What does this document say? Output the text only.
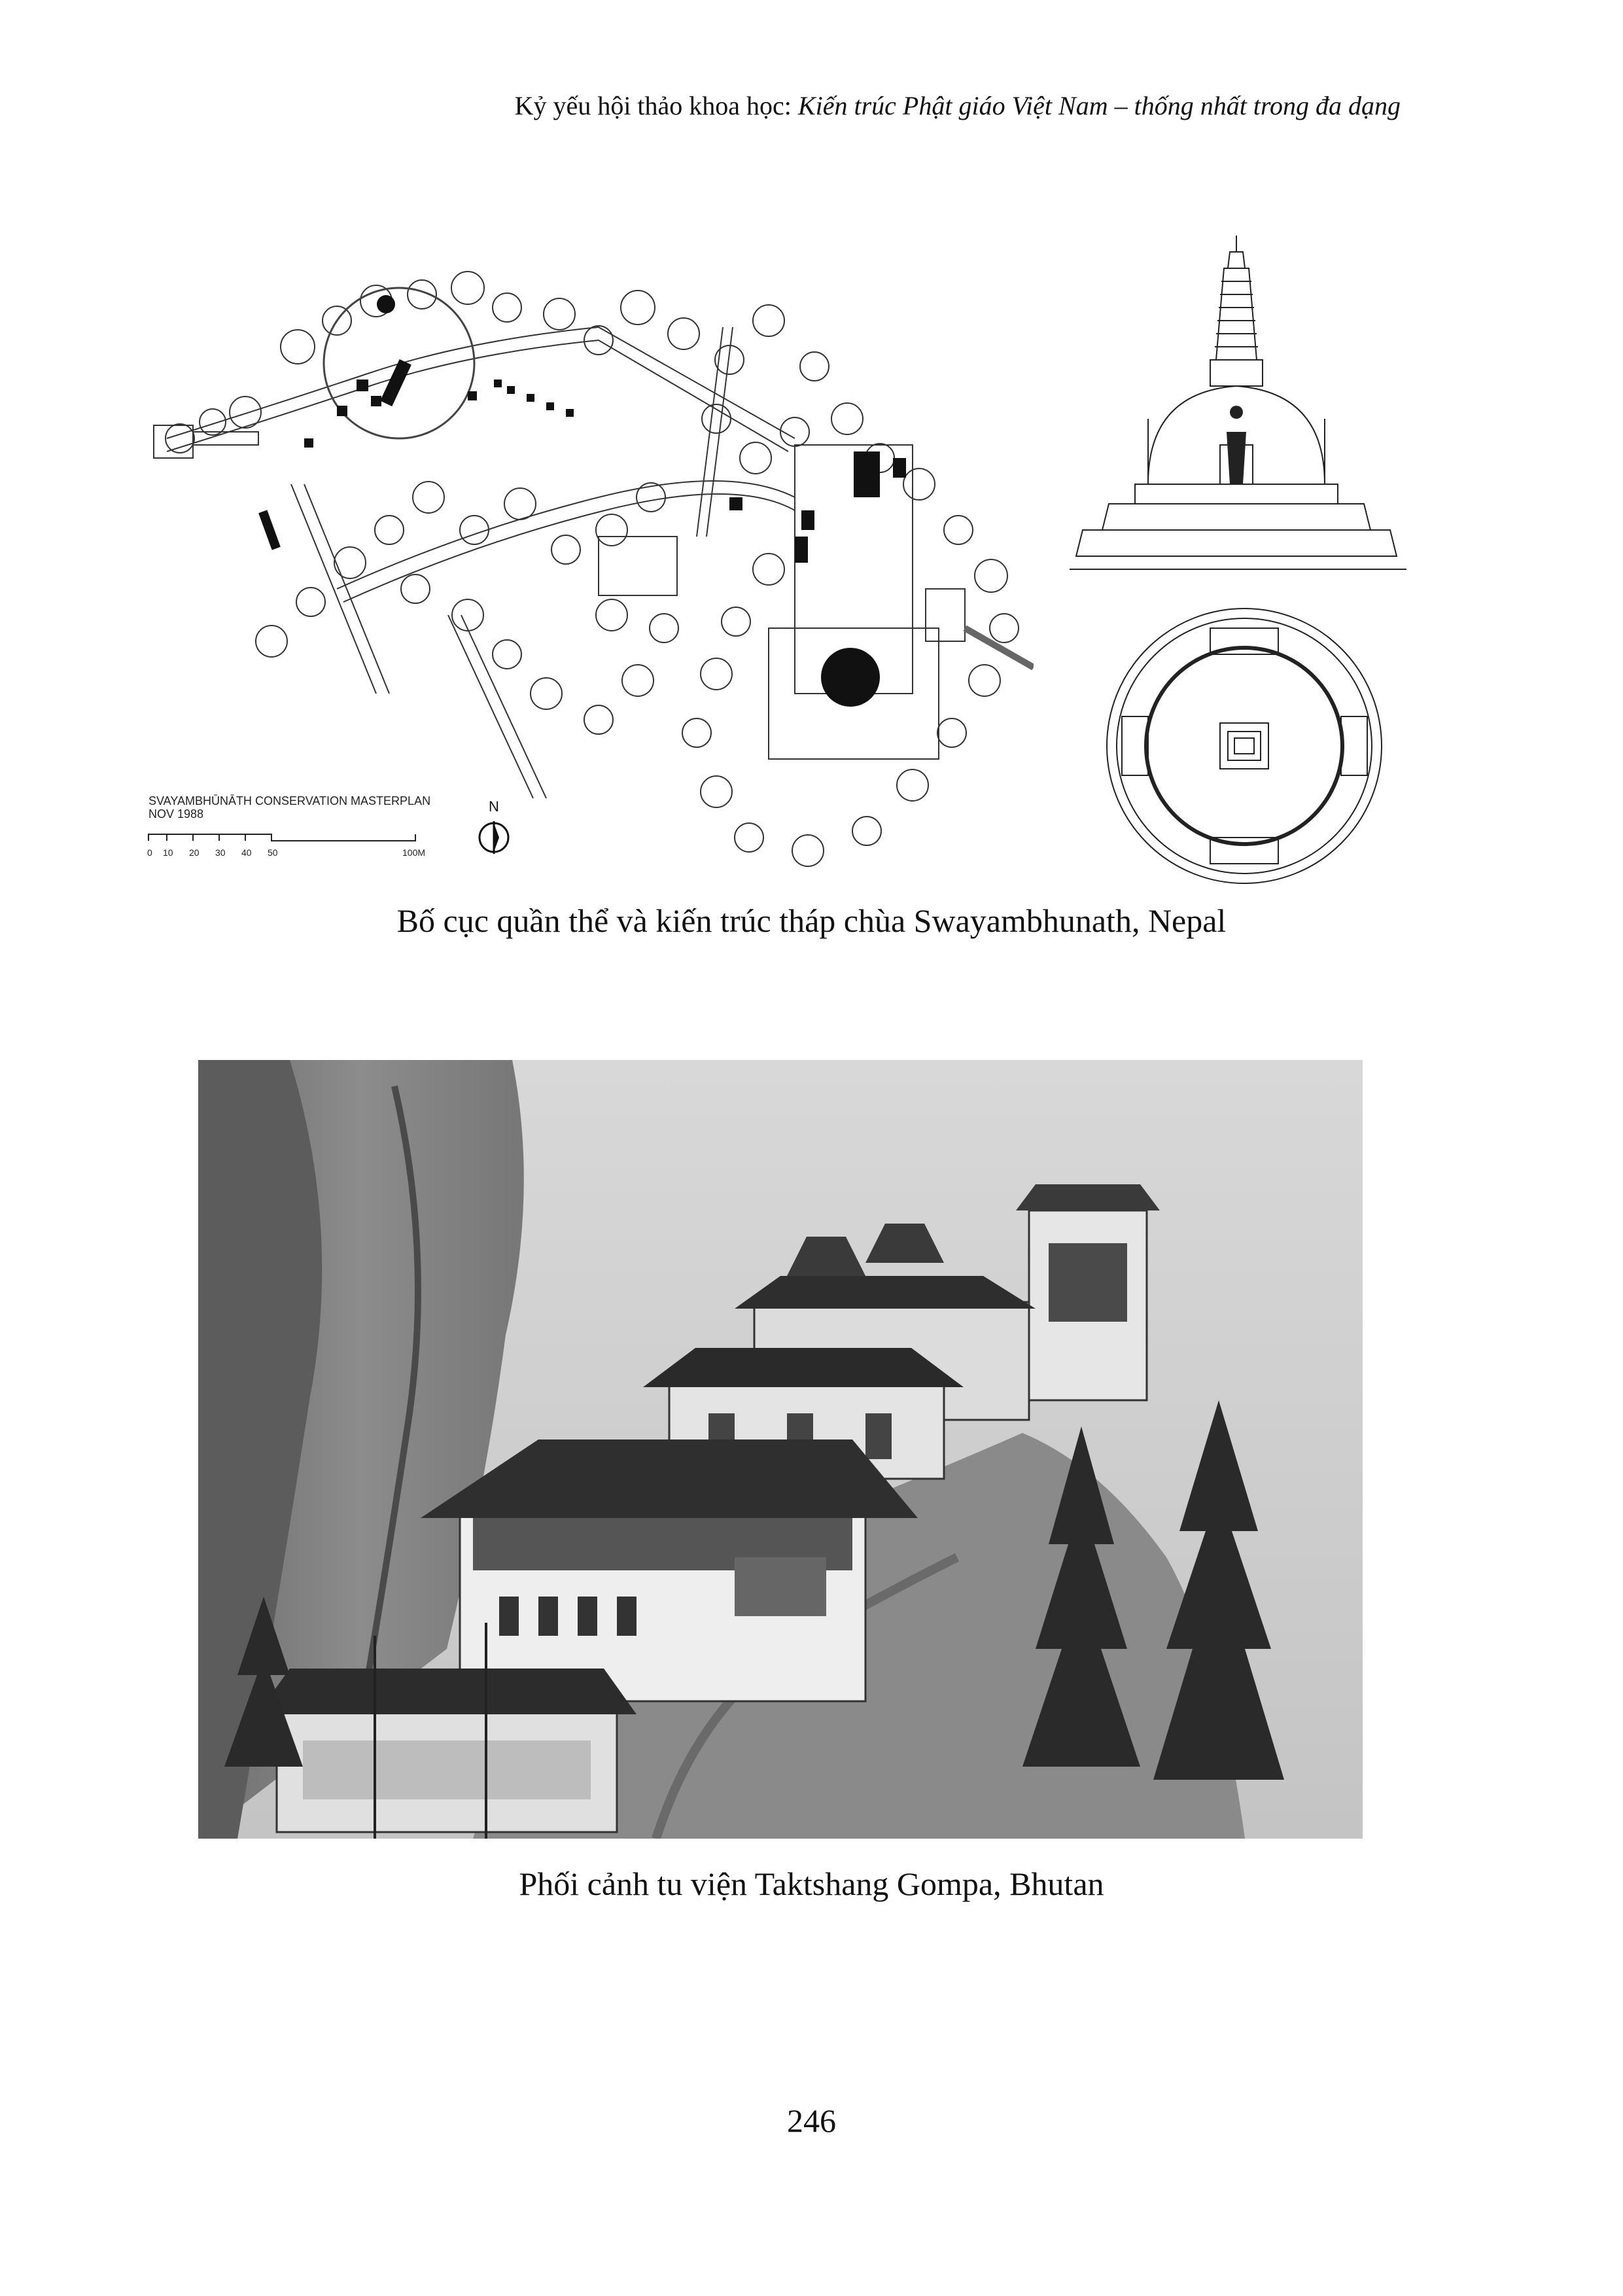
Kỷ yếu hội thảo khoa học: Kiến trúc Phật giáo Việt Nam – thống nhất trong đa dạng
SVAYAMBHŪNĀTH CONSERVATION MASTERPLAN
NOV 1988
0 10 20 30 40 50	100M
N
Bố cục quần thể và kiến trúc tháp chùa Swayambhunath, Nepal
Phối cảnh tu viện Taktshang Gompa, Bhutan
246
